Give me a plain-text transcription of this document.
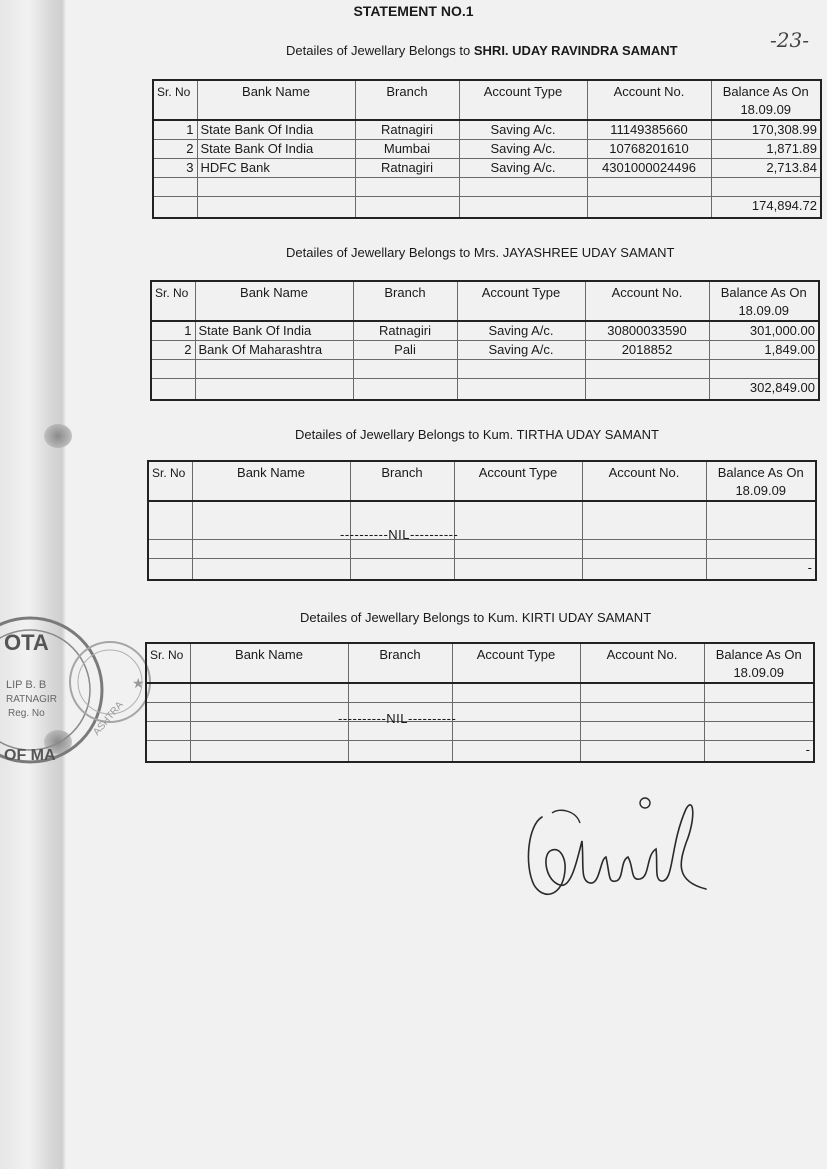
OTA
LIP B. B
RATNAGIR
Reg. No
OF MA
ASHTRA
★
STATEMENT NO.1
-23-
Detailes of Jewellary Belongs to SHRI. UDAY RAVINDRA SAMANT
Sr. No	Bank Name	Branch	Account Type	Account No.	Balance As On 18.09.09
1	State Bank Of India	Ratnagiri	Saving A/c.	11149385660	170,308.99
2	State Bank Of India	Mumbai	Saving A/c.	10768201610	1,871.89
3	HDFC Bank	Ratnagiri	Saving A/c.	4301000024496	2,713.84

					174,894.72
Detailes of Jewellary Belongs to Mrs. JAYASHREE UDAY SAMANT
Sr. No	Bank Name	Branch	Account Type	Account No.	Balance As On 18.09.09
1	State Bank Of India	Ratnagiri	Saving A/c.	30800033590	301,000.00
2	Bank Of Maharashtra	Pali	Saving A/c.	2018852	1,849.00

					302,849.00
Detailes of Jewellary Belongs to Kum. TIRTHA UDAY SAMANT
Sr. No	Bank Name	Branch	Account Type	Account No.	Balance As On 18.09.09

					-
----------NIL----------
Detailes of Jewellary Belongs to Kum. KIRTI UDAY SAMANT
Sr. No	Bank Name	Branch	Account Type	Account No.	Balance As On 18.09.09

					-
----------NIL----------
